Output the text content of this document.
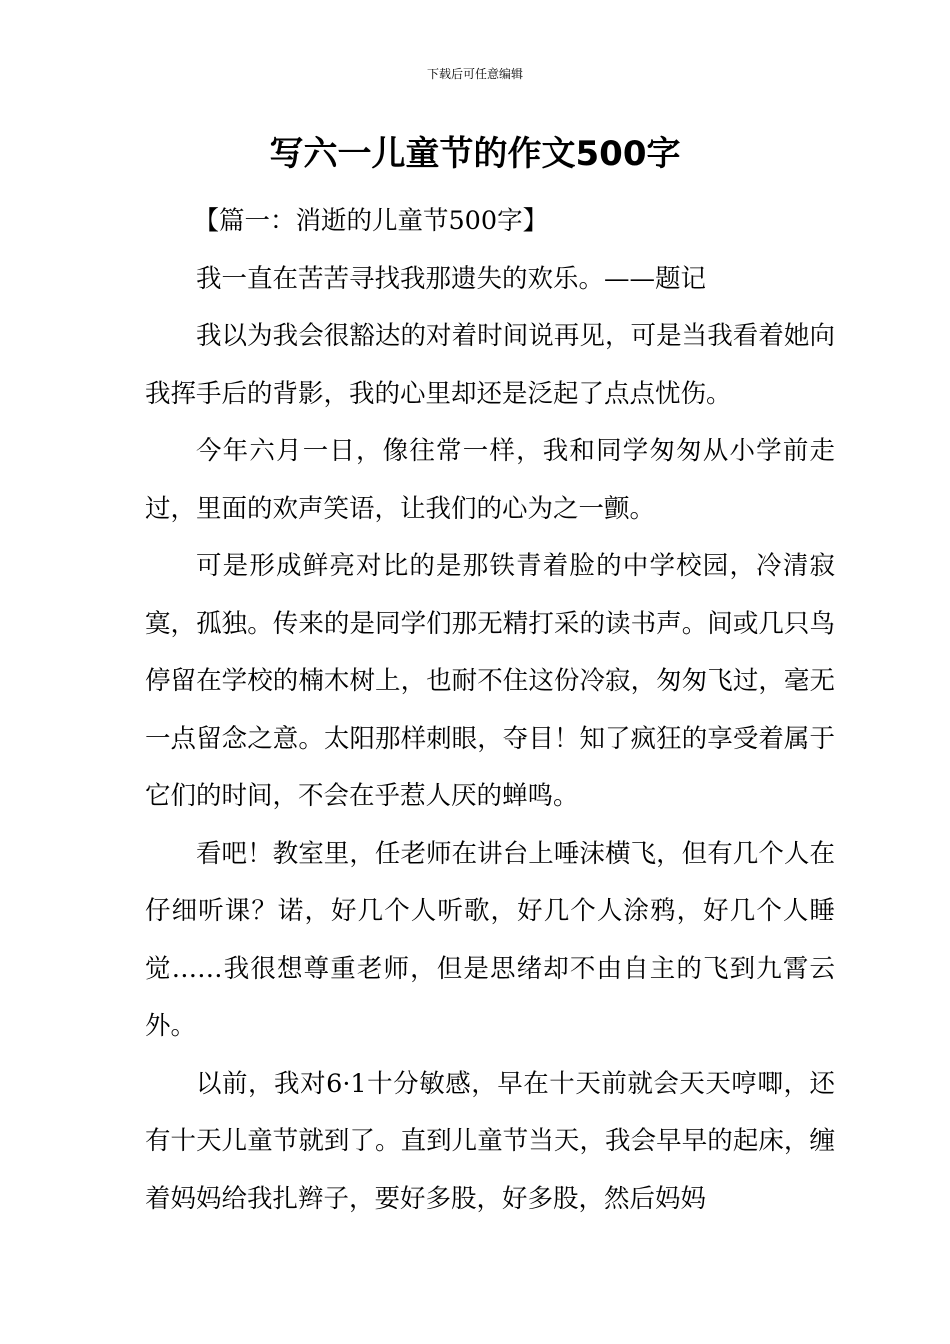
下载后可任意编辑
写六一儿童节的作文500字

【篇一：消逝的儿童节500字】

我一直在苦苦寻找我那遗失的欢乐。——题记

我以为我会很豁达的对着时间说再见，可是当我看着她向我挥手后的背影，我的心里却还是泛起了点点忧伤。

今年六月一日，像往常一样，我和同学匆匆从小学前走过，里面的欢声笑语，让我们的心为之一颤。

可是形成鲜亮对比的是那铁青着脸的中学校园，冷清寂寞，孤独。传来的是同学们那无精打采的读书声。间或几只鸟停留在学校的楠木树上，也耐不住这份冷寂，匆匆飞过，毫无一点留念之意。太阳那样刺眼，夺目！知了疯狂的享受着属于它们的时间，不会在乎惹人厌的蝉鸣。

看吧！教室里，任老师在讲台上唾沫横飞，但有几个人在仔细听课？诺，好几个人听歌，好几个人涂鸦，好几个人睡觉……我很想尊重老师，但是思绪却不由自主的飞到九霄云外。

以前，我对6·1十分敏感，早在十天前就会天天哼唧，还有十天儿童节就到了。直到儿童节当天，我会早早的起床，缠着妈妈给我扎辫子，要好多股，好多股，然后妈妈
